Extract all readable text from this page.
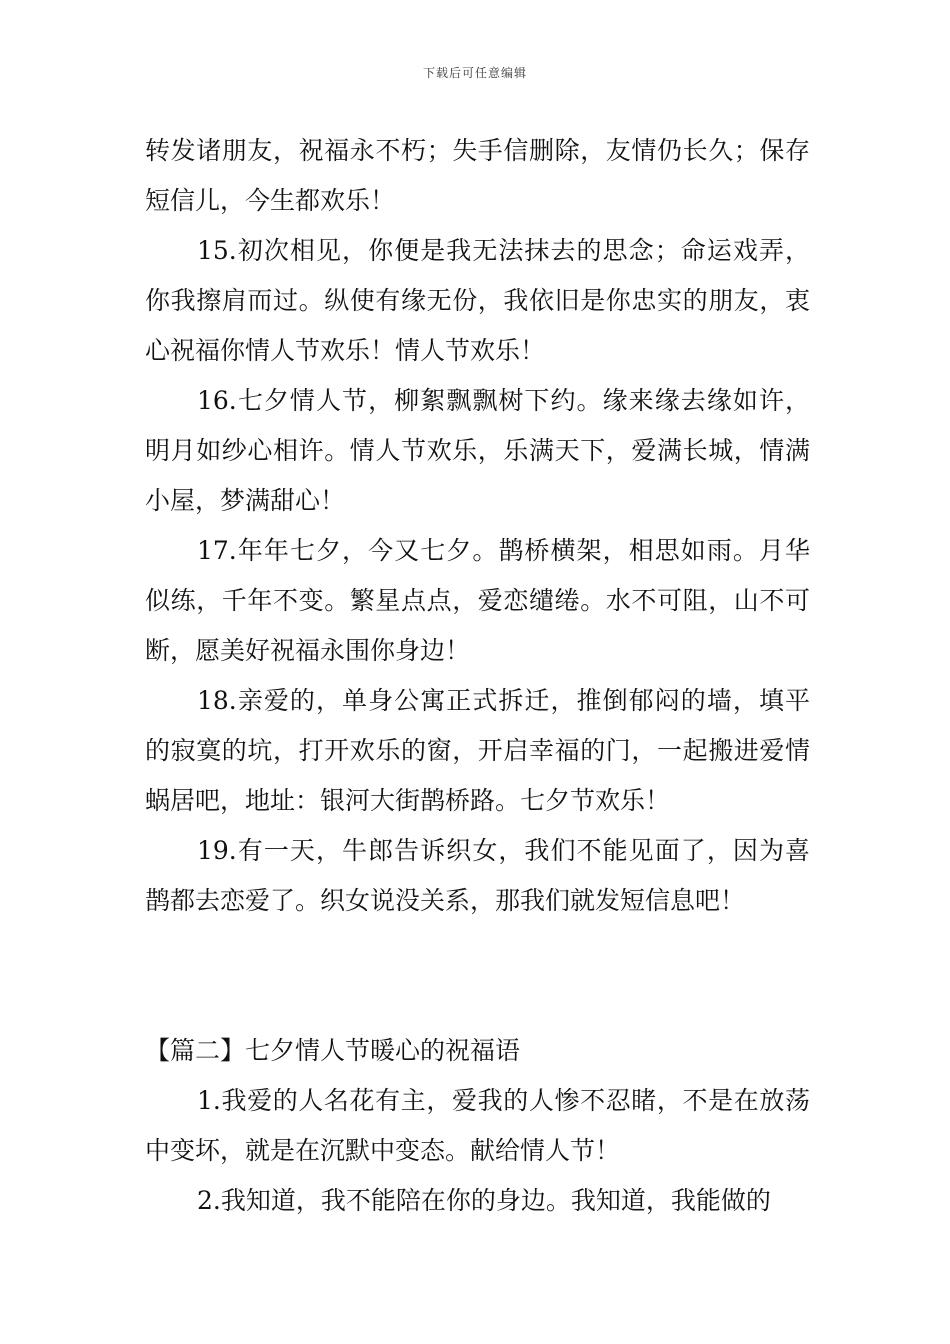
下载后可任意编辑

转发诸朋友，祝福永不朽；失手信删除，友情仍长久；保存短信儿，今生都欢乐！

15.初次相见，你便是我无法抹去的思念；命运戏弄，你我擦肩而过。纵使有缘无份，我依旧是你忠实的朋友，衷心祝福你情人节欢乐！情人节欢乐！

16.七夕情人节，柳絮飘飘树下约。缘来缘去缘如许，明月如纱心相许。情人节欢乐，乐满天下，爱满长城，情满小屋，梦满甜心！

17.年年七夕，今又七夕。鹊桥横架，相思如雨。月华似练，千年不变。繁星点点，爱恋缱绻。水不可阻，山不可断，愿美好祝福永围你身边！

18.亲爱的，单身公寓正式拆迁，推倒郁闷的墙，填平的寂寞的坑，打开欢乐的窗，开启幸福的门，一起搬进爱情蜗居吧，地址：银河大街鹊桥路。七夕节欢乐！

19.有一天，牛郎告诉织女，我们不能见面了，因为喜鹊都去恋爱了。织女说没关系，那我们就发短信息吧！

【篇二】七夕情人节暖心的祝福语

1.我爱的人名花有主，爱我的人惨不忍睹，不是在放荡中变坏，就是在沉默中变态。献给情人节！

2.我知道，我不能陪在你的身边。我知道，我能做的
